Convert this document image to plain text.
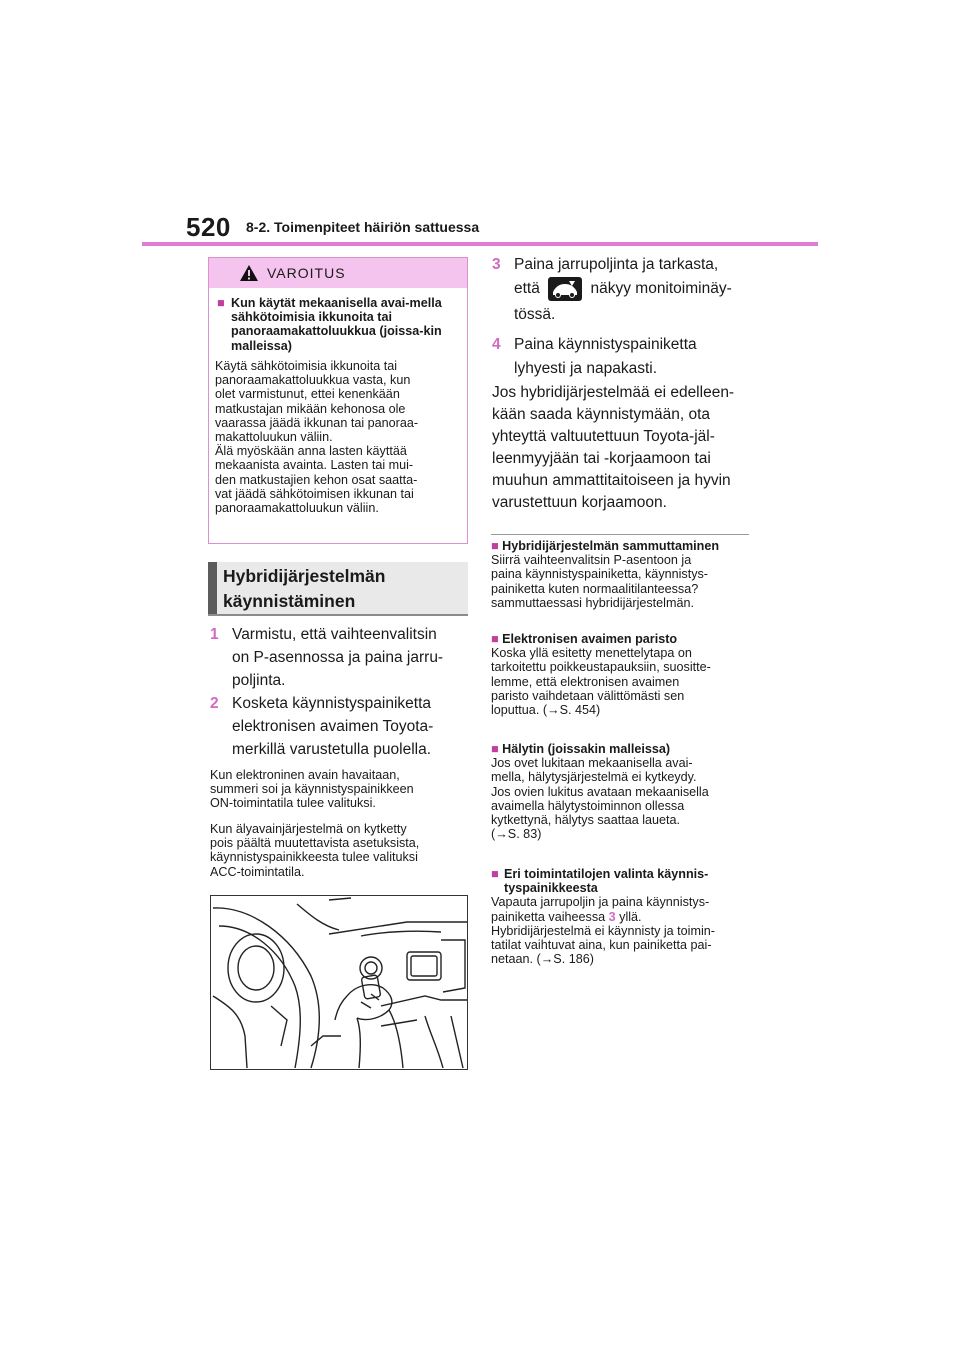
520 8-2. Toimenpiteet häiriön sattuessa
VAROITUS
■ Kun käytät mekaanisella avai-mella sähkötoimisia ikkunoita tai panoraamakattoluukkua (joissa-kin malleissa)
Käytä sähkötoimisia ikkunoita tai
panoraamakattoluukkua vasta, kun
olet varmistunut, ettei kenenkään
matkustajan mikään kehonosa ole
vaarassa jäädä ikkunan tai panoraa-
makattoluukun väliin.
Älä myöskään anna lasten käyttää
mekaanista avainta. Lasten tai mui-
den matkustajien kehon osat saatta-
vat jäädä sähkötoimisen ikkunan tai
panoraamakattoluukun väliin.
Hybridijärjestelmän
käynnistäminen
1 Varmistu, että vaihteenvalitsin
on P-asennossa ja paina jarru-
poljinta.
2 Kosketa käynnistyspainiketta
elektronisen avaimen Toyota-
merkillä varustetulla puolella.
Kun elektroninen avain havaitaan,
summeri soi ja käynnistyspainikkeen
ON-toimintatila tulee valituksi.
Kun älyavainjärjestelmä on kytketty
pois päältä muutettavista asetuksista,
käynnistyspainikkeesta tulee valituksi
ACC-toimintatila.
3 Paina jarrupoljinta ja tarkasta,
että	näkyy monitoiminäy-
tössä.
4 Paina käynnistyspainiketta
lyhyesti ja napakasti.
Jos hybridijärjestelmää ei edelleen-
kään saada käynnistymään, ota
yhteyttä valtuutettuun Toyota-jäl-
leenmyyjään tai -korjaamoon tai
muuhun ammattitaitoiseen ja hyvin
varustettuun korjaamoon.
■ Hybridijärjestelmän sammuttaminen
Siirrä vaihteenvalitsin P-asentoon ja
paina käynnistyspainiketta, käynnistys-
painiketta kuten normaalitilanteessa?
sammuttaessasi hybridijärjestelmän.
■ Elektronisen avaimen paristo
Koska yllä esitetty menettelytapa on
tarkoitettu poikkeustapauksiin, suositte-
lemme, että elektronisen avaimen
paristo vaihdetaan välittömästi sen
loputtua. (→S. 454)
■ Hälytin (joissakin malleissa)
Jos ovet lukitaan mekaanisella avai-
mella, hälytysjärjestelmä ei kytkeydy.
Jos ovien lukitus avataan mekaanisella
avaimella hälytystoiminnon ollessa
kytkettynä, hälytys saattaa laueta.
(→S. 83)
■ Eri toimintatilojen valinta käynnis-
tyspainikkeesta
Vapauta jarrupoljin ja paina käynnistys-
painiketta vaiheessa 3 yllä.
Hybridijärjestelmä ei käynnisty ja toimin-
tatilat vaihtuvat aina, kun painiketta pai-
netaan. (→S. 186)
